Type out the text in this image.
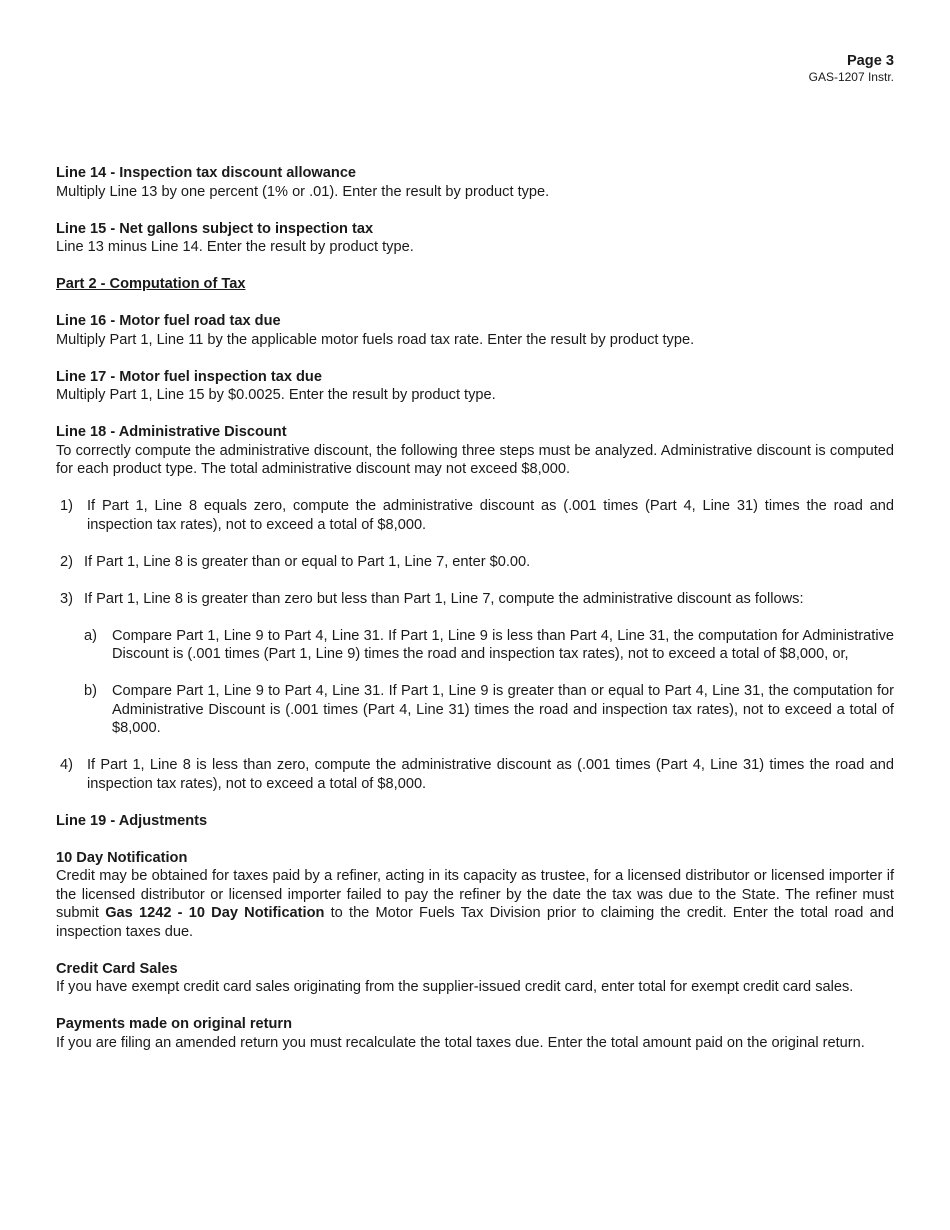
Page 3
GAS-1207 Instr.
Line 14 - Inspection tax discount allowance
Multiply Line 13 by one percent (1% or .01). Enter the result by product type.
Line 15 - Net gallons subject to inspection tax
Line 13 minus Line 14. Enter the result by product type.
Part 2 - Computation of Tax
Line 16 - Motor fuel road tax due
Multiply Part 1, Line 11 by the applicable motor fuels road tax rate. Enter the result by product type.
Line 17 - Motor fuel inspection tax due
Multiply Part 1, Line 15 by $0.0025. Enter the result by product type.
Line 18 - Administrative Discount
To correctly compute the administrative discount, the following three steps must be analyzed. Administrative discount is computed for each product type. The total administrative discount may not exceed $8,000.
1) If Part 1, Line 8 equals zero, compute the administrative discount as (.001 times (Part 4, Line 31) times the road and inspection tax rates), not to exceed a total of $8,000.
2) If Part 1, Line 8 is greater than or equal to Part 1, Line 7, enter $0.00.
3) If Part 1, Line 8 is greater than zero but less than Part 1, Line 7, compute the administrative discount as follows:
a)	Compare Part 1, Line 9 to Part 4, Line 31. If Part 1, Line 9 is less than Part 4, Line 31, the computation for Administrative Discount is (.001 times (Part 1, Line 9) times the road and inspection tax rates), not to exceed a total of $8,000, or,
b)	Compare Part 1, Line 9 to Part 4, Line 31. If Part 1, Line 9 is greater than or equal to Part 4, Line 31, the computation for Administrative Discount is (.001 times (Part 4, Line 31) times the road and inspection tax rates), not to exceed a total of $8,000.
4) If Part 1, Line 8 is less than zero, compute the administrative discount as (.001 times (Part 4, Line 31) times the road and inspection tax rates), not to exceed a total of $8,000.
Line 19 - Adjustments
10 Day Notification
Credit may be obtained for taxes paid by a refiner, acting in its capacity as trustee, for a licensed distributor or licensed importer if the licensed distributor or licensed importer failed to pay the refiner by the date the tax was due to the State. The refiner must submit Gas 1242 - 10 Day Notification to the Motor Fuels Tax Division prior to claiming the credit. Enter the total road and inspection taxes due.
Credit Card Sales
If you have exempt credit card sales originating from the supplier-issued credit card, enter total for exempt credit card sales.
Payments made on original return
If you are filing an amended return you must recalculate the total taxes due. Enter the total amount paid on the original return.
